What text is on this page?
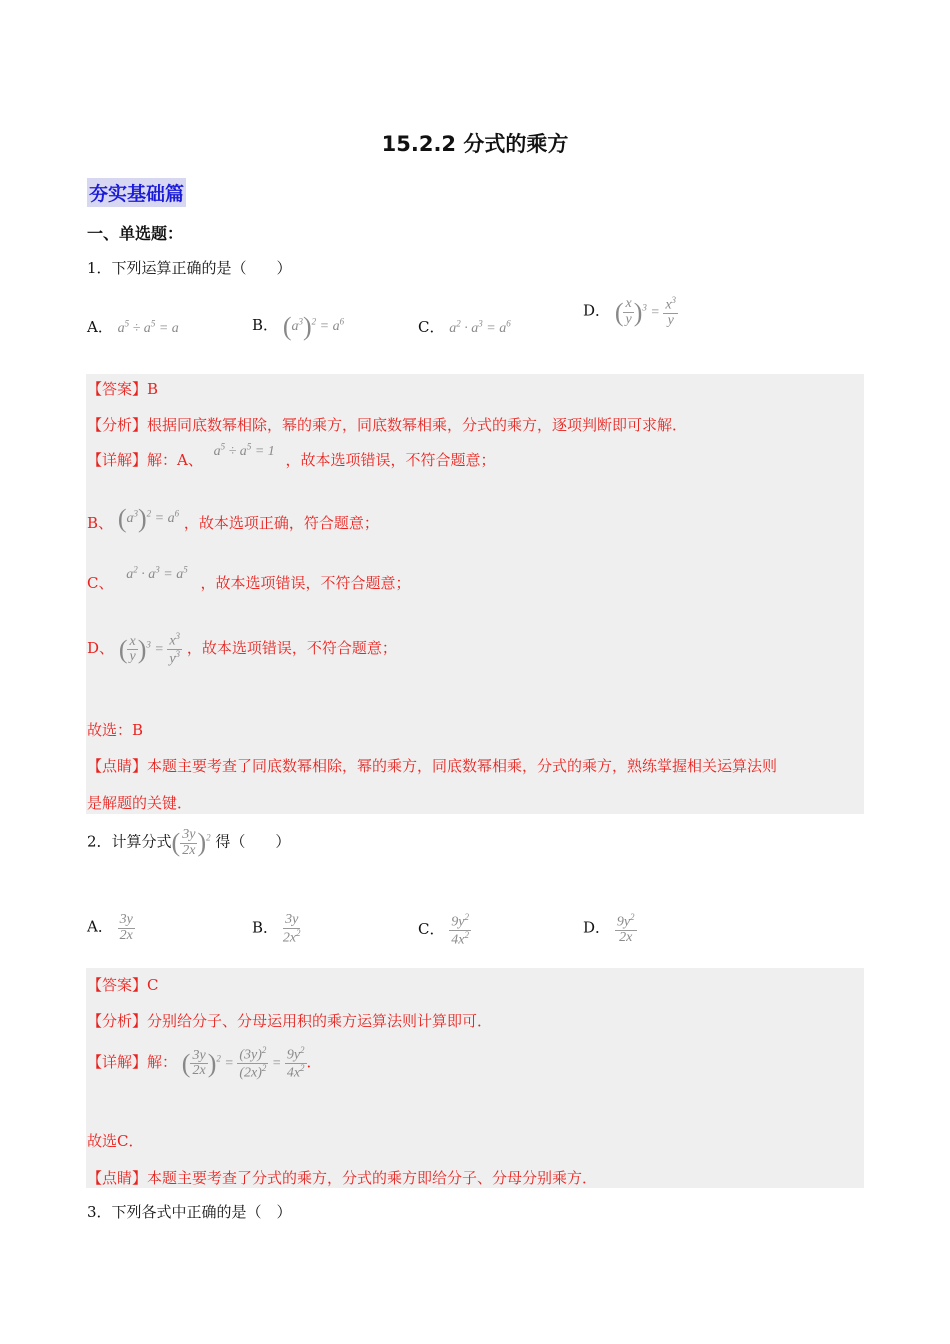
15.2.2 分式的乘方
夯实基础篇
一、单选题：
1．下列运算正确的是（　　）
A． $a^5 \div a^5 = a$	B． $(a^3)^2 = a^6$	C． $a^2 \cdot a^3 = a^6$
D． ( $\frac{x}{y} )^3 = \frac{x^3}{y}$
【答案】B
【分析】根据同底数幂相除，幂的乘方，同底数幂相乘，分式的乘方，逐项判断即可求解．
【详解】解：A、 $a^5 \div a^5 = 1$ ，故本选项错误，不符合题意；
B、 $(a^3)^2 = a^6$ ，故本选项正确，符合题意；
C、 $a^2 \cdot a^3 = a^5$ ，故本选项错误，不符合题意；
D、 ( $\frac{x}{y} )^3 = \frac{x^3}{y^3}$ ，故本选项错误，不符合题意；
故选：B
【点睛】本题主要考查了同底数幂相除，幂的乘方，同底数幂相乘，分式的乘方，熟练掌握相关运算法则
是解题的关键．
2．计算分式( $\frac{3y}{2x} )^2$ 得（　　）
A． $\frac{3y}{2x}$	B． $\frac{3y}{2x^2}$	C． $\frac{9y^2}{4x^2}$	D． $\frac{9y^2}{2x}$
【答案】C
【分析】分别给分子、分母运用积的乘方运算法则计算即可．
【详解】解： ( $\frac{3y}{2x} )^2 = \frac{(3y)^2}{(2x)^2} = \frac{9y^2}{4x^2}$ ．
故选C．
【点睛】本题主要考查了分式的乘方，分式的乘方即给分子、分母分别乘方．
3．下列各式中正确的是（　）
